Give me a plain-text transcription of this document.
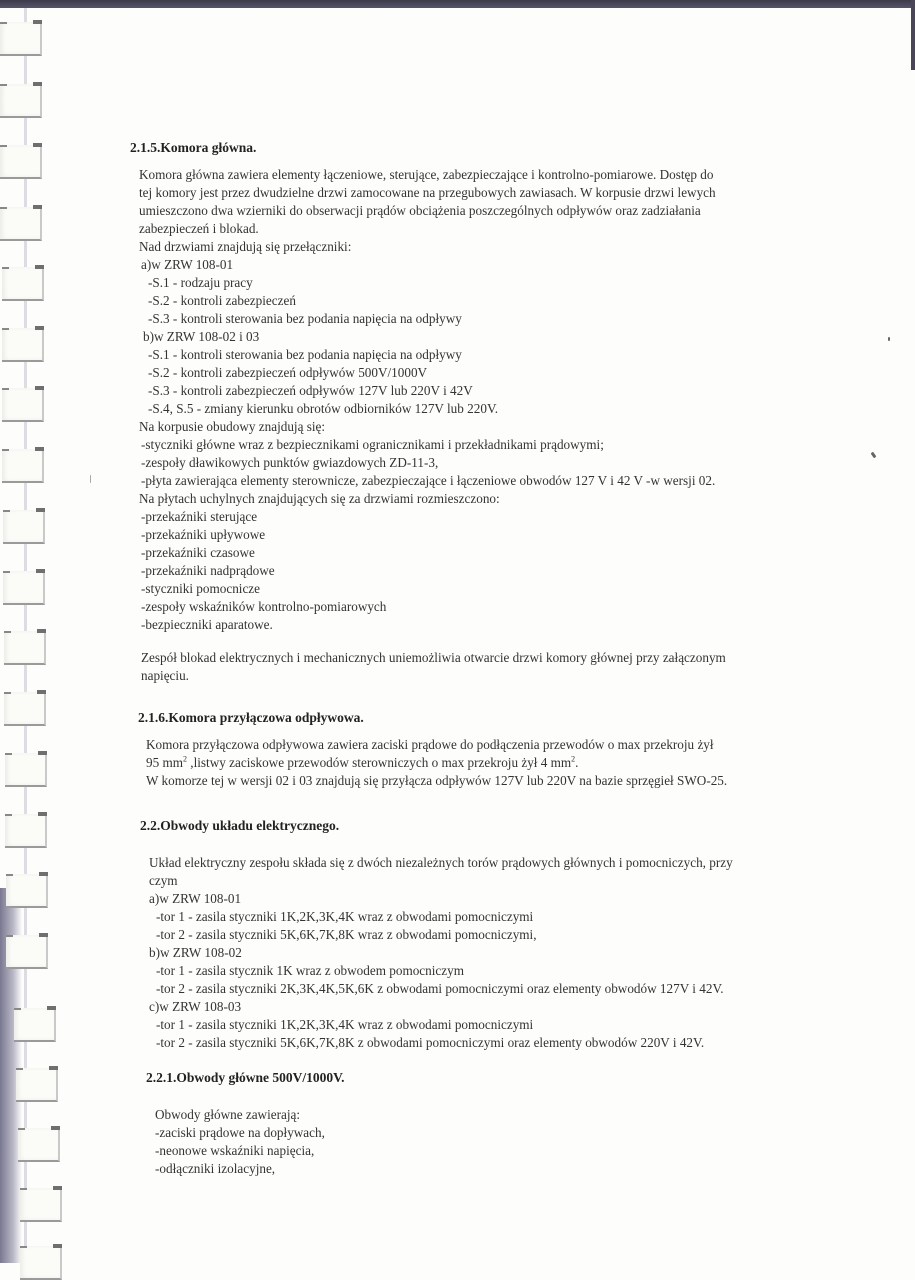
2.1.5.Komora główna.
Komora główna zawiera elementy łączeniowe, sterujące, zabezpieczające i kontrolno-pomiarowe. Dostęp do
tej komory jest przez dwudzielne drzwi zamocowane na przegubowych zawiasach. W korpusie drzwi lewych
umieszczono dwa wzierniki do obserwacji prądów obciążenia poszczególnych odpływów oraz zadziałania
zabezpieczeń i blokad.
Nad drzwiami znajdują się przełączniki:
a)w ZRW 108-01
-S.1 - rodzaju pracy
-S.2 - kontroli zabezpieczeń
-S.3 - kontroli sterowania bez podania napięcia na odpływy
b)w ZRW 108-02 i 03
-S.1 - kontroli sterowania bez podania napięcia na odpływy
-S.2 - kontroli zabezpieczeń odpływów 500V/1000V
-S.3 - kontroli zabezpieczeń odpływów 127V lub 220V i 42V
-S.4, S.5 - zmiany kierunku obrotów odbiorników 127V lub 220V.
Na korpusie obudowy znajdują się:
-styczniki główne wraz z bezpiecznikami ogranicznikami i przekładnikami prądowymi;
-zespoły dławikowych punktów gwiazdowych ZD-11-3,
-płyta zawierająca elementy sterownicze, zabezpieczające i łączeniowe obwodów 127 V i 42 V -w wersji 02.
Na płytach uchylnych znajdujących się za drzwiami rozmieszczono:
-przekaźniki sterujące
-przekaźniki upływowe
-przekaźniki czasowe
-przekaźniki nadprądowe
-styczniki pomocnicze
-zespoły wskaźników kontrolno-pomiarowych
-bezpieczniki aparatowe.
Zespół blokad elektrycznych i mechanicznych uniemożliwia otwarcie drzwi komory głównej przy załączonym
napięciu.
2.1.6.Komora przyłączowa odpływowa.
Komora przyłączowa odpływowa zawiera zaciski prądowe do podłączenia przewodów o max przekroju żył
95 $mm^2$ ,listwy zaciskowe przewodów sterowniczych o max przekroju żył 4 $mm^2$.
W komorze tej w wersji 02 i 03 znajdują się przyłącza odpływów 127V lub 220V na bazie sprzęgieł SWO-25.
2.2.Obwody układu elektrycznego.
Układ elektryczny zespołu składa się z dwóch niezależnych torów prądowych głównych i pomocniczych, przy
czym
a)w ZRW 108-01
-tor 1 - zasila styczniki 1K,2K,3K,4K wraz z obwodami pomocniczymi
-tor 2 - zasila styczniki 5K,6K,7K,8K wraz z obwodami pomocniczymi,
b)w ZRW 108-02
-tor 1 - zasila stycznik 1K wraz z obwodem pomocniczym
-tor 2 - zasila styczniki 2K,3K,4K,5K,6K z obwodami pomocniczymi oraz elementy obwodów 127V i 42V.
c)w ZRW 108-03
-tor 1 - zasila styczniki 1K,2K,3K,4K wraz z obwodami pomocniczymi
-tor 2 - zasila styczniki 5K,6K,7K,8K z obwodami pomocniczymi oraz elementy obwodów 220V i 42V.
2.2.1.Obwody główne 500V/1000V.
Obwody główne zawierają:
-zaciski prądowe na dopływach,
-neonowe wskaźniki napięcia,
-odłączniki izolacyjne,
